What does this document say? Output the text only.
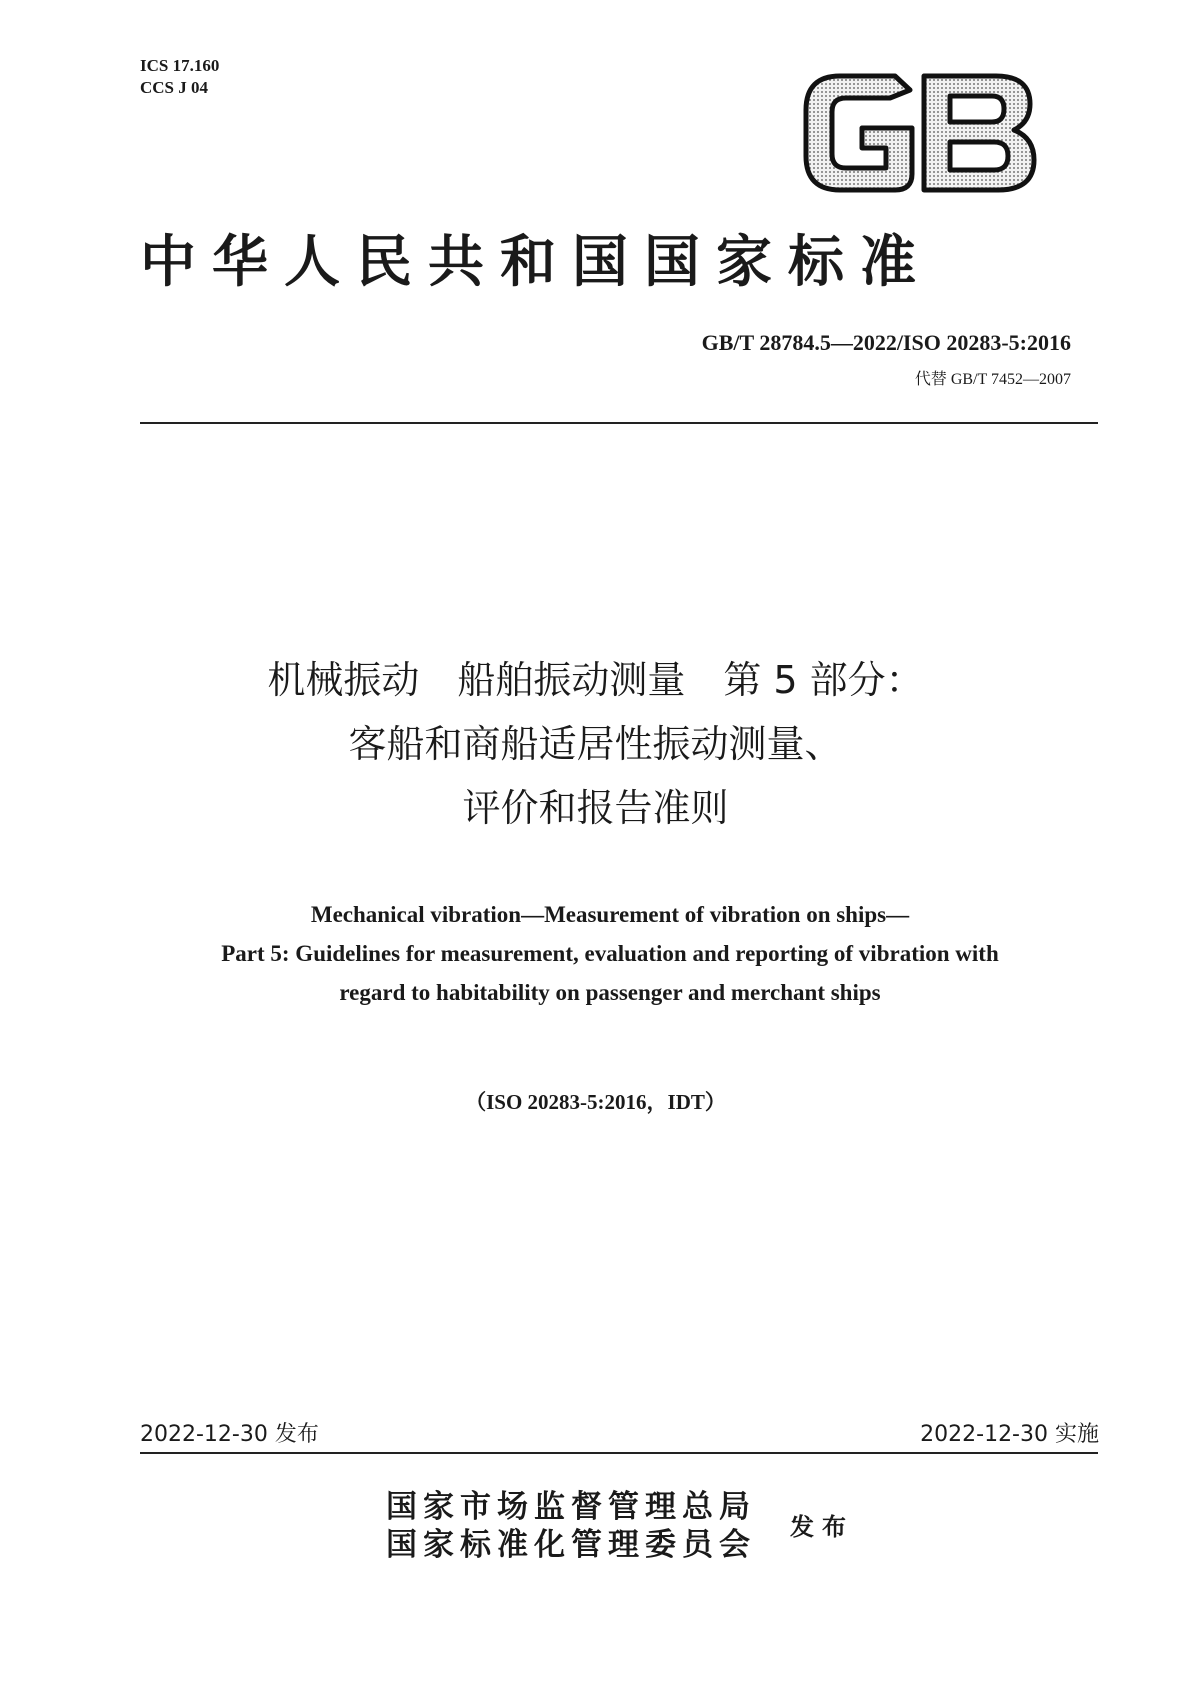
ICS 17.160
CCS J 04
GB
中华人民共和国国家标准
GB/T 28784.5—2022/ISO 20283-5:2016
代替 GB/T 7452—2007
机械振动　船舶振动测量　第 5 部分：
客船和商船适居性振动测量、
评价和报告准则
Mechanical vibration—Measurement of vibration on ships—
Part 5: Guidelines for measurement, evaluation and reporting of vibration with
regard to habitability on passenger and merchant ships
（ISO 20283-5:2016，IDT）
2022-12-30 发布	2022-12-30 实施
国家市场监督管理总局
国家标准化管理委员会
发布
